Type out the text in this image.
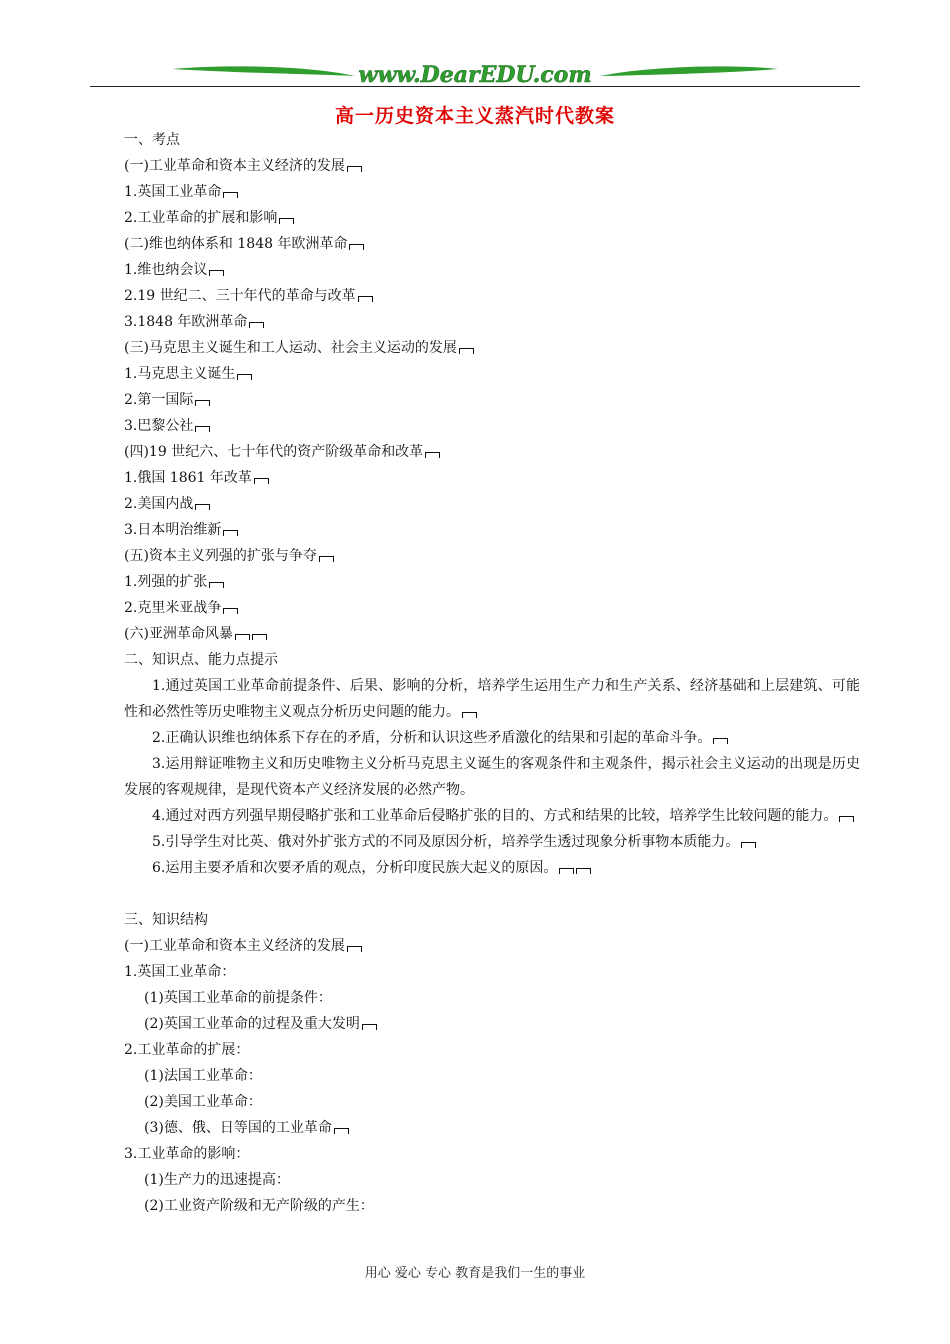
www.DearEDU.com
高一历史资本主义蒸汽时代教案
一、考点
(一)工业革命和资本主义经济的发展
1.英国工业革命
2.工业革命的扩展和影响
(二)维也纳体系和 1848 年欧洲革命
1.维也纳会议
2.19 世纪二、三十年代的革命与改革
3.1848 年欧洲革命
(三)马克思主义诞生和工人运动、社会主义运动的发展
1.马克思主义诞生
2.第一国际
3.巴黎公社
(四)19 世纪六、七十年代的资产阶级革命和改革
1.俄国 1861 年改革
2.美国内战
3.日本明治维新
(五)资本主义列强的扩张与争夺
1.列强的扩张
2.克里米亚战争
(六)亚洲革命风暴
二、知识点、能力点提示
1.通过英国工业革命前提条件、后果、影响的分析，培养学生运用生产力和生产关系、经济基础和上层建筑、可能性和必然性等历史唯物主义观点分析历史问题的能力。
2.正确认识维也纳体系下存在的矛盾，分析和认识这些矛盾激化的结果和引起的革命斗争。
3.运用辩证唯物主义和历史唯物主义分析马克思主义诞生的客观条件和主观条件，揭示社会主义运动的出现是历史发展的客观规律，是现代资本产义经济发展的必然产物。
4.通过对西方列强早期侵略扩张和工业革命后侵略扩张的目的、方式和结果的比较，培养学生比较问题的能力。
5.引导学生对比英、俄对外扩张方式的不同及原因分析，培养学生透过现象分析事物本质能力。
6.运用主要矛盾和次要矛盾的观点，分析印度民族大起义的原因。
三、知识结构
(一)工业革命和资本主义经济的发展
1.英国工业革命：
(1)英国工业革命的前提条件：
(2)英国工业革命的过程及重大发明
2.工业革命的扩展：
(1)法国工业革命：
(2)美国工业革命：
(3)德、俄、日等国的工业革命
3.工业革命的影响：
(1)生产力的迅速提高：
(2)工业资产阶级和无产阶级的产生：
用心 爱心 专心 教育是我们一生的事业
